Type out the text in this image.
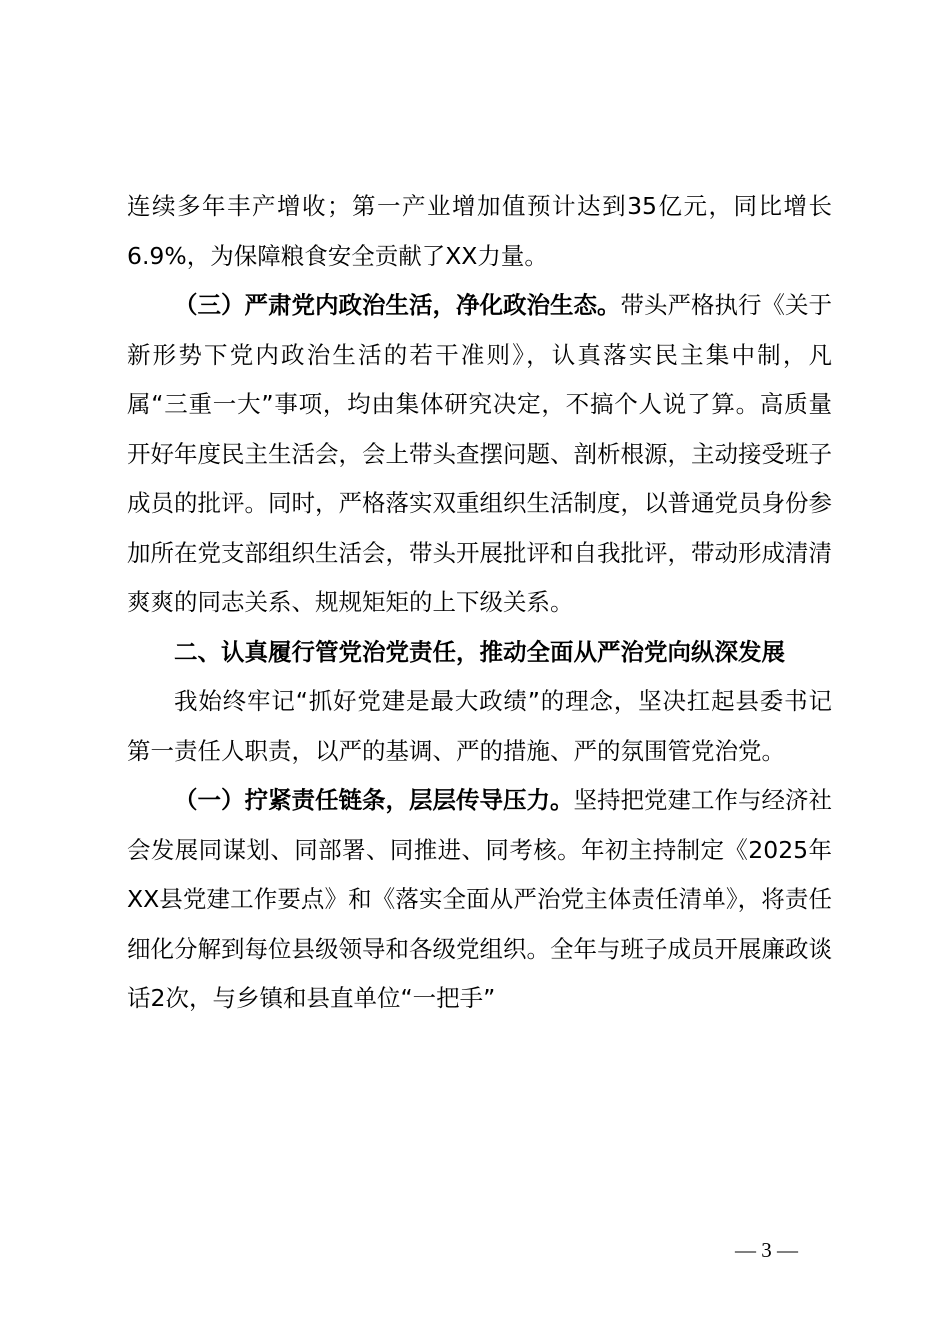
连续多年丰产增收；第一产业增加值预计达到35亿元，同比增长6.9%，为保障粮食安全贡献了XX力量。

（三）严肃党内政治生活，净化政治生态。带头严格执行《关于新形势下党内政治生活的若干准则》，认真落实民主集中制，凡属“三重一大”事项，均由集体研究决定，不搞个人说了算。高质量开好年度民主生活会，会上带头查摆问题、剖析根源，主动接受班子成员的批评。同时，严格落实双重组织生活制度，以普通党员身份参加所在党支部组织生活会，带头开展批评和自我批评，带动形成清清爽爽的同志关系、规规矩矩的上下级关系。

二、认真履行管党治党责任，推动全面从严治党向纵深发展

我始终牢记“抓好党建是最大政绩”的理念，坚决扛起县委书记第一责任人职责，以严的基调、严的措施、严的氛围管党治党。

（一）拧紧责任链条，层层传导压力。坚持把党建工作与经济社会发展同谋划、同部署、同推进、同考核。年初主持制定《2025年XX县党建工作要点》和《落实全面从严治党主体责任清单》，将责任细化分解到每位县级领导和各级党组织。全年与班子成员开展廉政谈话2次，与乡镇和县直单位“一把手”

— 3 —
